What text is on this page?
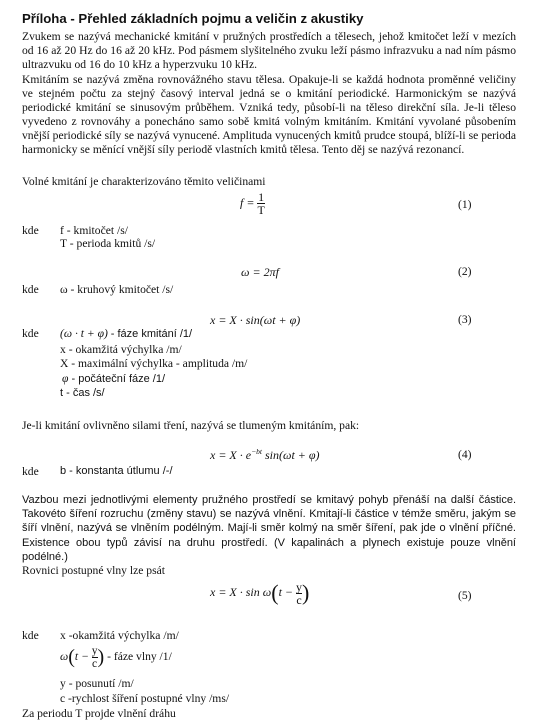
Příloha - Přehled základních pojmu a veličin z akustiky
Zvukem se nazývá mechanické kmitání v pružných prostředích a tělesech, jehož kmitočet leží v mezích od 16 až 20 Hz do 16 až 20 kHz. Pod pásmem slyšitelného zvuku leží pásmo infrazvuku a nad ním pásmo ultrazvuku od 16 do 10 kHz a hyperzvuku 10 kHz.
Kmitáním se nazývá změna rovnovážného stavu tělesa. Opakuje-li se každá hodnota proměnné veličiny ve stejném počtu za stejný časový interval jedná se o kmitání periodické. Harmonickým se nazývá periodické kmitání se sinusovým průběhem. Vzniká tedy, působí-li na těleso direkční síla. Je-li těleso vyvedeno z rovnováhy a ponecháno samo sobě kmitá volným kmitáním. Kmitání vyvolané působením vnější periodické síly se nazývá vynucené. Amplituda vynucených kmitů prudce stoupá, blíží-li se perioda harmonicky se měnící vnější síly periodě vlastních kmitů tělesa. Tento děj se nazývá rezonancí.
Volné kmitání je charakterizováno těmito veličinami
$f = \frac{1}{T}$	(1)
kde f - kmitočet /s/
T - perioda kmitů /s/
ω = 2πf	(2)
kde ω - kruhový kmitočet /s/
x = X · sin(ωt + φ)	(3)
kde (ω · t + φ) - fáze kmitání /1/
x - okamžitá výchylka /m/
X - maximální výchylka - amplituda /m/
φ - počáteční fáze /1/
t - čas /s/
Je-li kmitání ovlivněno silami tření, nazývá se tlumeným kmitáním, pak:
$x = X \cdot e^{-bt}$ sin(ωt + φ)	(4)
kde b - konstanta útlumu /-/
Vazbou mezi jednotlivými elementy pružného prostředí se kmitavý pohyb přenáší na další částice. Takovéto šíření rozruchu (změny stavu) se nazývá vlnění. Kmitají-li částice v témže směru, jakým se šíří vlnění, nazývá se vlněním podélným. Mají-li směr kolmý na směr šíření, pak jde o vlnění příčné. Existence obou typů závisí na druhu prostředí. (V kapalinách a plynech existuje pouze vlnění podélné.)
Rovnici postupné vlny lze psát
$x = X \cdot \sin \omega(t - \frac{y}{c}$ )	(5)
kde x -okamžitá výchylka /m/
$\omega(t - \frac{y}{c}$ ) - fáze vlny /1/
y - posunutí /m/
c -rychlost šíření postupné vlny /ms/
Za periodu T projde vlnění dráhu
